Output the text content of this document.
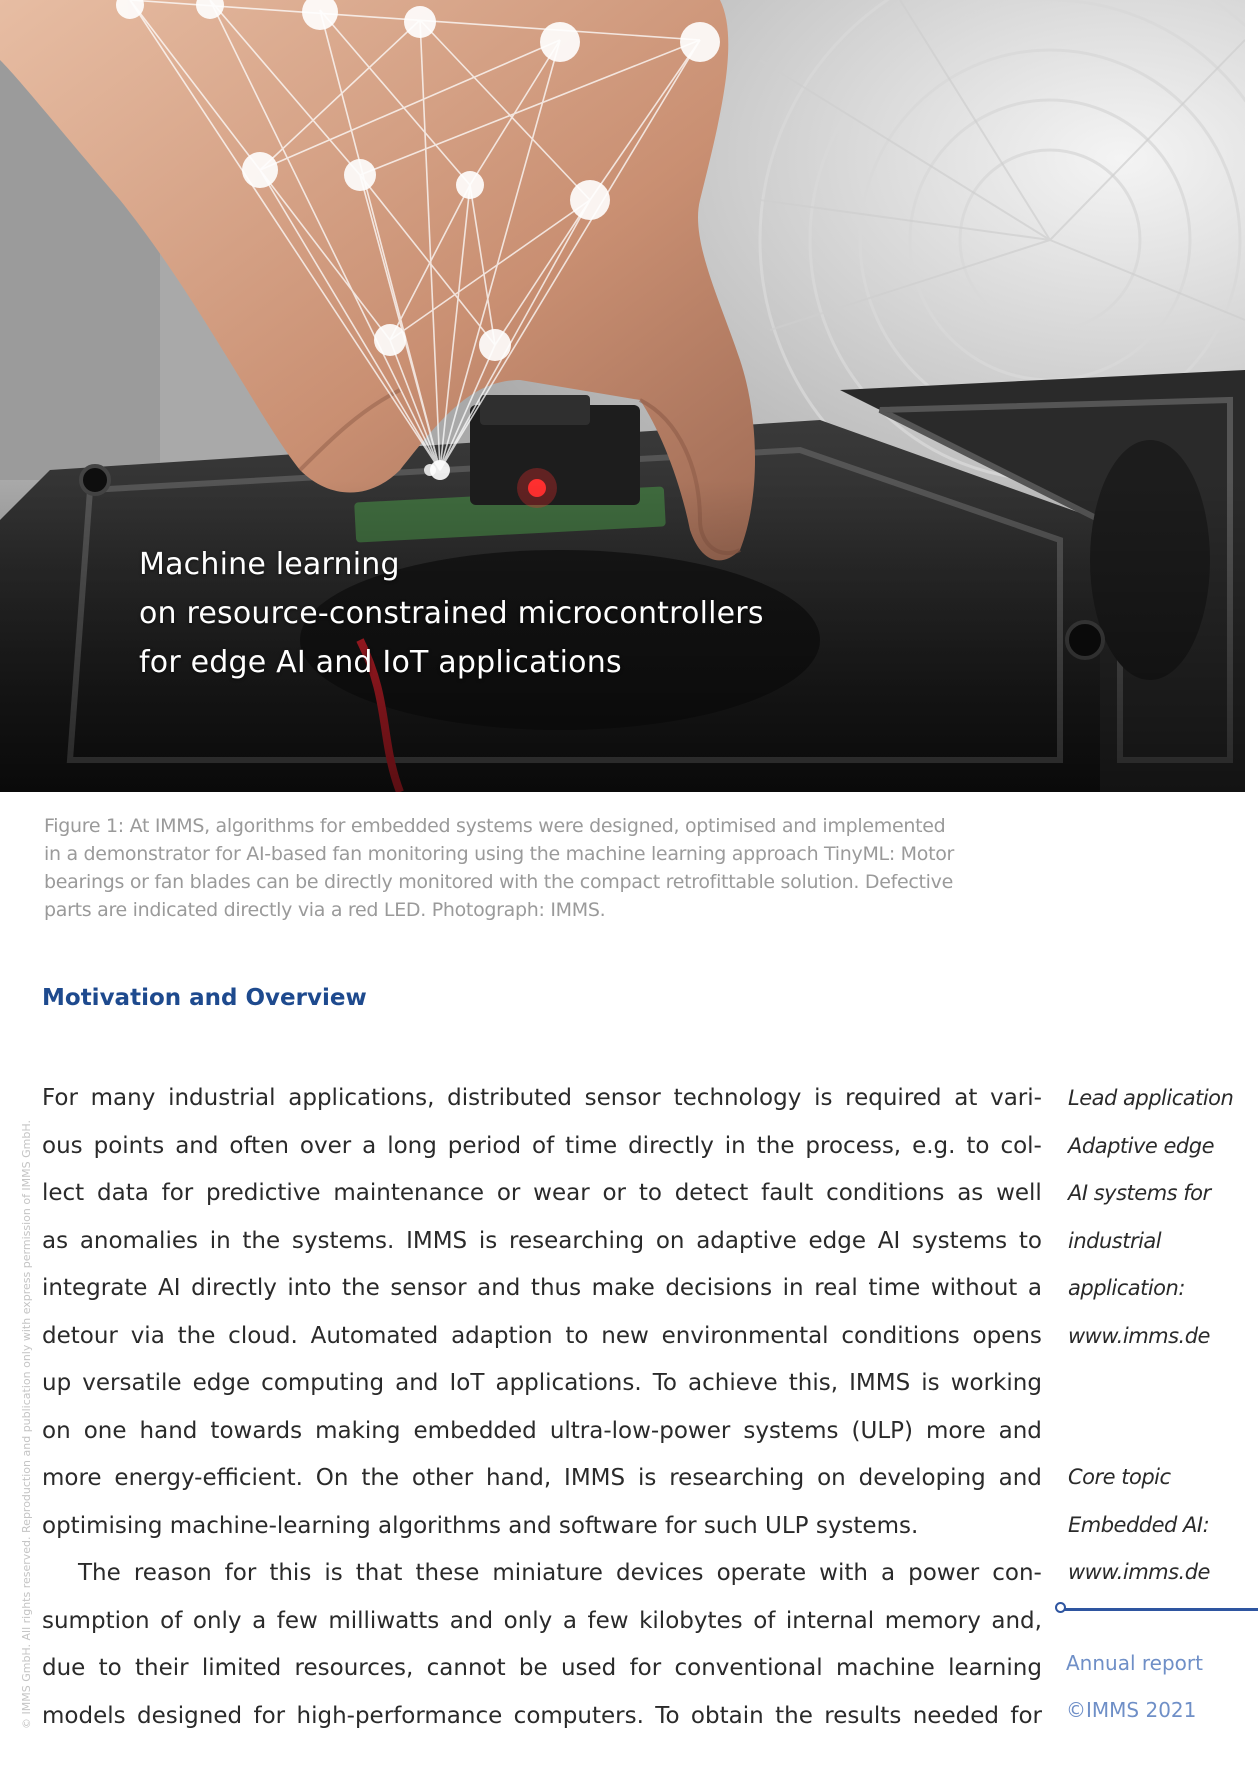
Machine learning
on resource-constrained microcontrollers
for edge AI and IoT applications
Figure 1: At IMMS, algorithms for embedded systems were designed, optimised and implemented
in a demonstrator for AI-based fan monitoring using the machine learning approach TinyML: Motor
bearings or fan blades can be directly monitored with the compact retrofittable solution. Defective
parts are indicated directly via a red LED. Photograph: IMMS.
© IMMS GmbH. All rights reserved. Reproduction and publication only with express permission of IMMS GmbH.
Motivation and Overview
For many industrial applications, distributed sensor technology is required at vari-
ous points and often over a long period of time directly in the process, e.g. to col-
lect data for predictive maintenance or wear or to detect fault conditions as well
as anomalies in the systems. IMMS is researching on adaptive edge AI systems to
integrate AI directly into the sensor and thus make decisions in real time without a
detour via the cloud. Automated adaption to new environmental conditions opens
up versatile edge computing and IoT applications. To achieve this, IMMS is working
on one hand towards making embedded ultra-low-power systems (ULP) more and
more energy-efficient. On the other hand, IMMS is researching on developing and
optimising machine-learning algorithms and software for such ULP systems.
The reason for this is that these miniature devices operate with a power con-
sumption of only a few milliwatts and only a few kilobytes of internal memory and,
due to their limited resources, cannot be used for conventional machine learning
models designed for high-performance computers. To obtain the results needed for
Lead application
Adaptive edge
AI systems for
industrial
application:
www.imms.de
Core topic
Embedded AI:
www.imms.de
Annual report
©IMMS 2021
